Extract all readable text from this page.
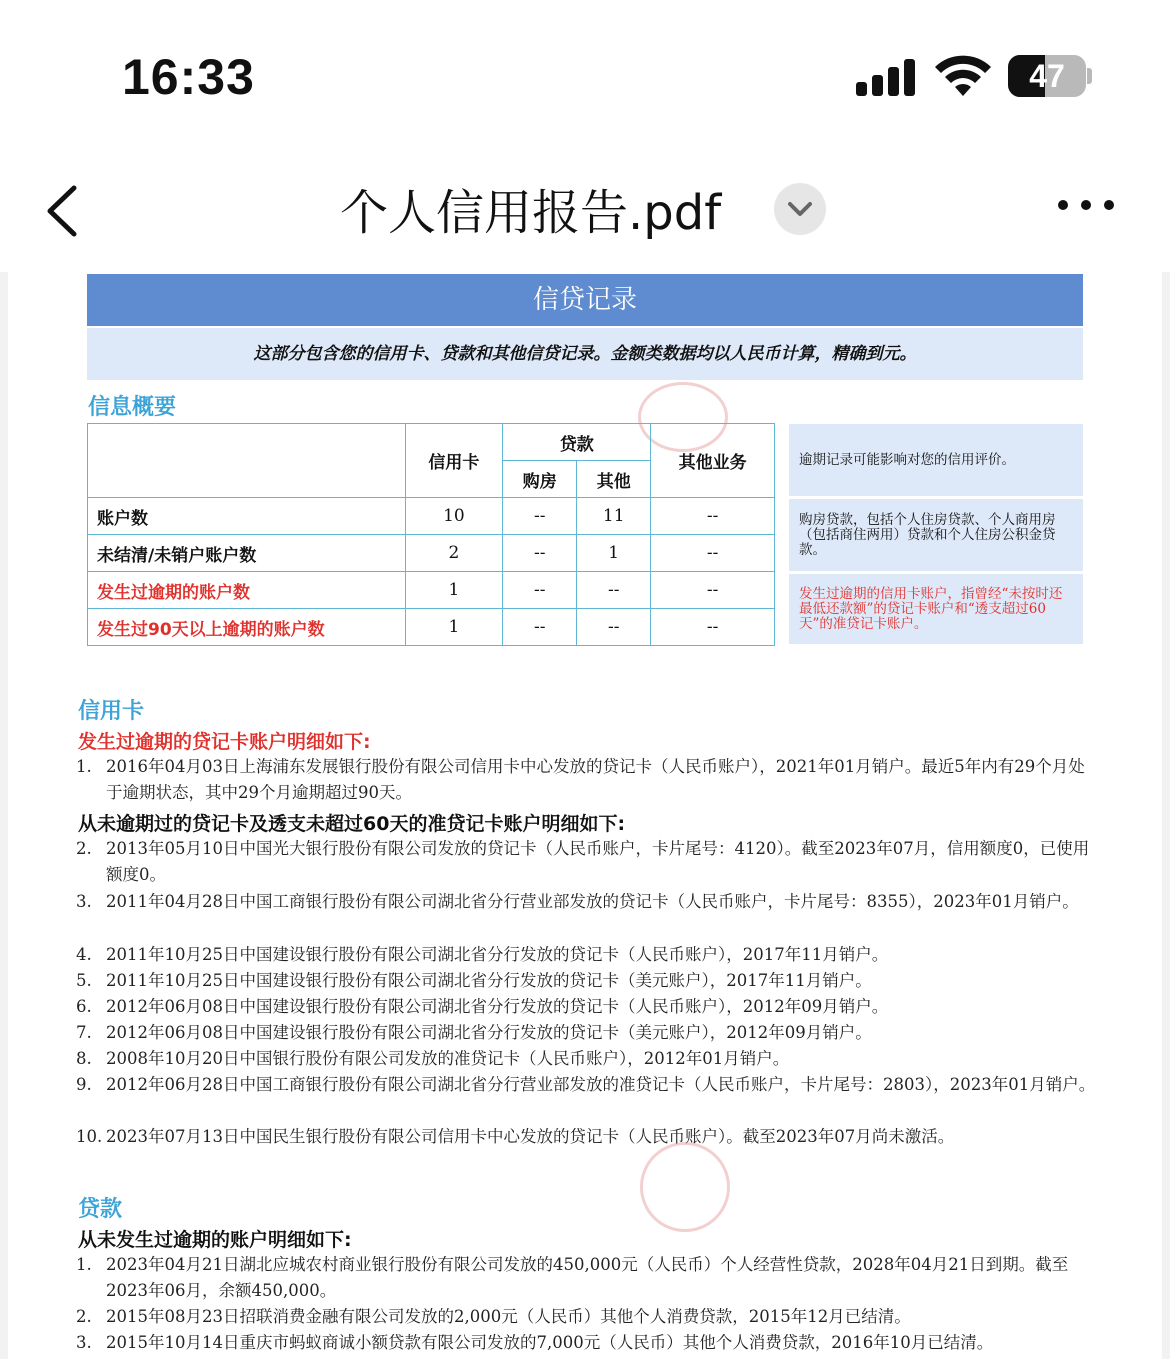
16:33	47
个人信用报告.pdf
信贷记录
这部分包含您的信用卡、贷款和其他信贷记录。金额类数据均以人民币计算，精确到元。
信息概要
	信用卡	贷款		其他业务
		购房	其他	
账户数	10	--	11	--
未结清/未销户账户数	2	--	1	--
发生过逾期的账户数	1	--	--	--
发生过90天以上逾期的账户数	1	--	--	--
逾期记录可能影响对您的信用评价。
购房贷款，包括个人住房贷款、个人商用房（包括商住两用）贷款和个人住房公积金贷款。
发生过逾期的信用卡账户，指曾经“未按时还最低还款额”的贷记卡账户和“透支超过60天”的准贷记卡账户。
信用卡
发生过逾期的贷记卡账户明细如下:
1. 2016年04月03日上海浦东发展银行股份有限公司信用卡中心发放的贷记卡（人民币账户），2021年01月销户。最近5年内有29个月处于逾期状态，其中29个月逾期超过90天。
从未逾期过的贷记卡及透支未超过60天的准贷记卡账户明细如下:
2. 2013年05月10日中国光大银行股份有限公司发放的贷记卡（人民币账户，卡片尾号：4120）。截至2023年07月，信用额度0，已使用额度0。
3. 2011年04月28日中国工商银行股份有限公司湖北省分行营业部发放的贷记卡（人民币账户，卡片尾号：8355），2023年01月销户。
4. 2011年10月25日中国建设银行股份有限公司湖北省分行发放的贷记卡（人民币账户），2017年11月销户。
5. 2011年10月25日中国建设银行股份有限公司湖北省分行发放的贷记卡（美元账户），2017年11月销户。
6. 2012年06月08日中国建设银行股份有限公司湖北省分行发放的贷记卡（人民币账户），2012年09月销户。
7. 2012年06月08日中国建设银行股份有限公司湖北省分行发放的贷记卡（美元账户），2012年09月销户。
8. 2008年10月20日中国银行股份有限公司发放的准贷记卡（人民币账户），2012年01月销户。
9. 2012年06月28日中国工商银行股份有限公司湖北省分行营业部发放的准贷记卡（人民币账户，卡片尾号：2803），2023年01月销户。
10. 2023年07月13日中国民生银行股份有限公司信用卡中心发放的贷记卡（人民币账户）。截至2023年07月尚未激活。
贷款
从未发生过逾期的账户明细如下:
1. 2023年04月21日湖北应城农村商业银行股份有限公司发放的450,000元（人民币）个人经营性贷款，2028年04月21日到期。截至2023年06月，余额450,000。
2. 2015年08月23日招联消费金融有限公司发放的2,000元（人民币）其他个人消费贷款，2015年12月已结清。
3. 2015年10月14日重庆市蚂蚁商诚小额贷款有限公司发放的7,000元（人民币）其他个人消费贷款，2016年10月已结清。
